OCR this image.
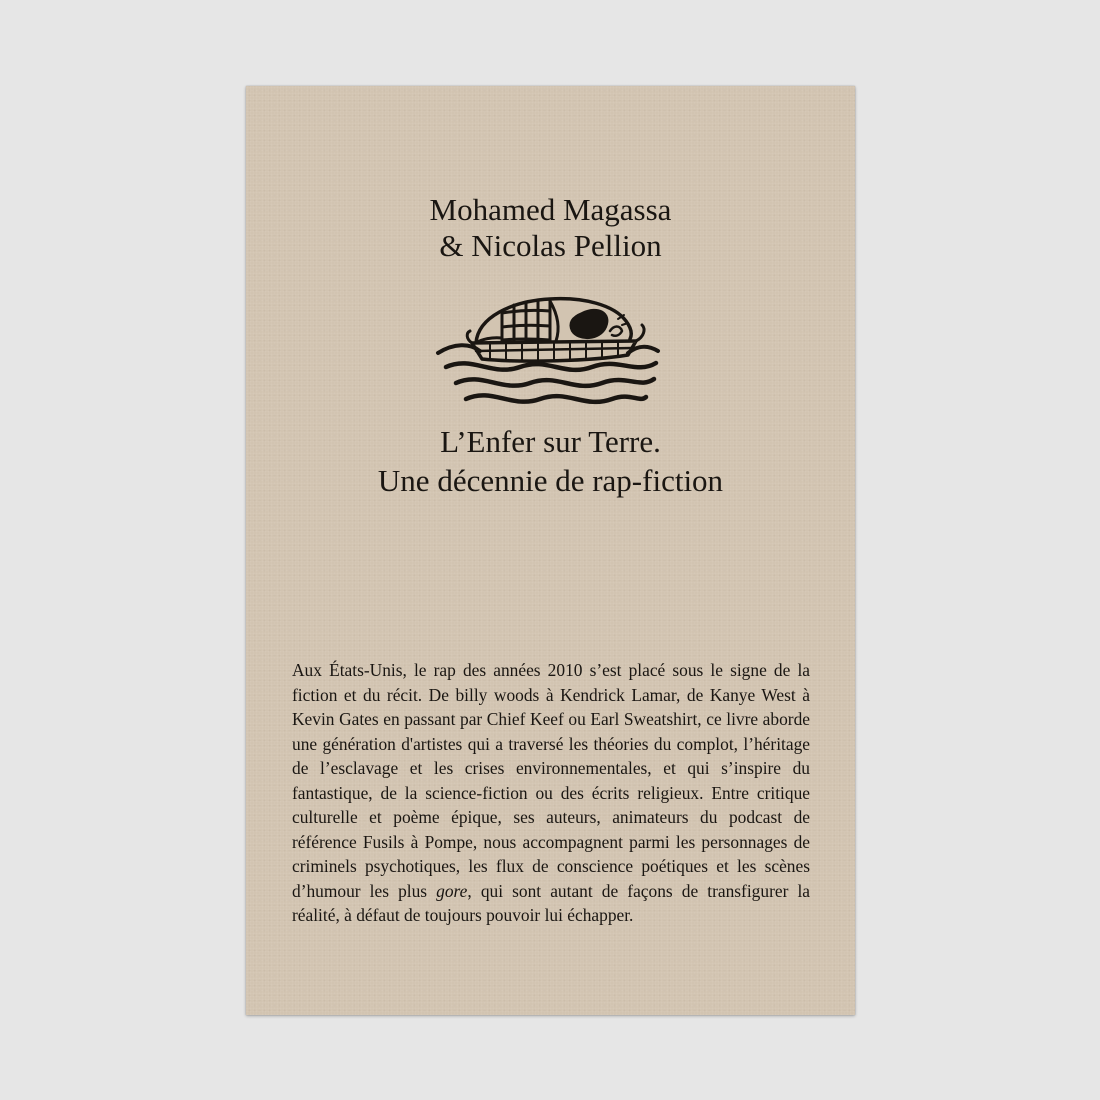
Mohamed Magassa
& Nicolas Pellion
L’Enfer sur Terre.
Une décennie de rap-fiction

Aux États-Unis, le rap des années 2010 s’est placé sous le signe de la fiction et du récit. De billy woods à Kendrick Lamar, de Kanye West à Kevin Gates en passant par Chief Keef ou Earl Sweatshirt, ce livre aborde une génération d'artistes qui a traversé les théories du complot, l’héritage de l’esclavage et les crises environnementales, et qui s’inspire du fantastique, de la science-fiction ou des écrits religieux. Entre critique culturelle et poème épique, ses auteurs, animateurs du podcast de référence Fusils à Pompe, nous accompagnent parmi les personnages de criminels psychotiques, les flux de conscience poétiques et les scènes d’humour les plus gore, qui sont autant de façons de transfigurer la réalité, à défaut de toujours pouvoir lui échapper.
